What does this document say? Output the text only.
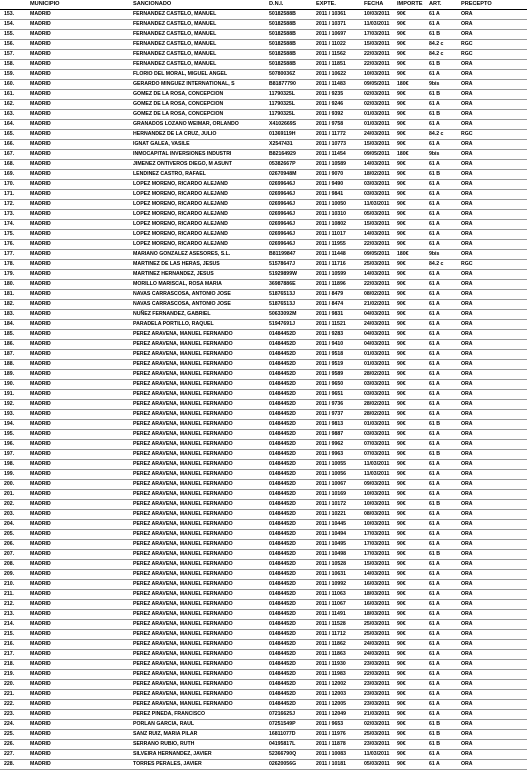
	MUNICIPIO	SANCIONADO	D.N.I.	EXPTE.	FECHA	IMPORTE	ART.	PRECEPTO
153.	MADRID	FERNANDEZ CASTELO, MANUEL	50182588B	2011 / 10361	10/03/2011	90€	61 A	ORA
154.	MADRID	FERNANDEZ CASTELO, MANUEL	50182588B	2011 / 10371	11/03/2011	90€	61 A	ORA
155.	MADRID	FERNANDEZ CASTELO, MANUEL	50182588B	2011 / 10697	17/03/2011	90€	61 B	ORA
156.	MADRID	FERNANDEZ CASTELO, MANUEL	50182588B	2011 / 11022	15/03/2011	90€	84.2 c	RGC
157.	MADRID	FERNANDEZ CASTELO, MANUEL	50182588B	2011 / 11562	22/03/2011	90€	84.2 c	RGC
158.	MADRID	FERNANDEZ CASTELO, MANUEL	50182588B	2011 / 11851	22/03/2011	90€	61 B	ORA
159.	MADRID	FLORIO DEL MORAL, MIGUEL ANGEL	50780036Z	2011 / 10622	10/03/2011	90€	61 A	ORA
160.	MADRID	GERARDO MINGUEZ INTERNATIONAL, S	B81877790	2011 / 11483	09/05/2011	180€	9bis	ORA
161.	MADRID	GOMEZ DE LA ROSA, CONCEPCION	11790325L	2011 / 9235	02/03/2011	90€	61 B	ORA
162.	MADRID	GOMEZ DE LA ROSA, CONCEPCION	11790325L	2011 / 9246	02/03/2011	90€	61 A	ORA
163.	MADRID	GOMEZ DE LA ROSA, CONCEPCION	11790325L	2011 / 9392	01/03/2011	90€	61 B	ORA
164.	MADRID	GRANADOS LOZANO WEIMAR, ORLANDO	X4102669S	2011 / 9758	01/03/2011	90€	61 A	ORA
165.	MADRID	HERNANDEZ DE LA CRUZ, JULIO	01369119H	2011 / 11772	24/03/2011	90€	84.2 c	RGC
166.	MADRID	IGNAT GALEA, VASILE	X2547431	2011 / 10773	15/03/2011	90€	61 A	ORA
167.	MADRID	INMOCAPITAL INVERSIONES INDUSTRI	B82164929	2011 / 11454	09/05/2011	180€	9bis	ORA
168.	MADRID	JIMENEZ ONTIVEROS DIEGO, M ASUNT	05382667P	2011 / 10589	14/03/2011	90€	61 A	ORA
169.	MADRID	LENDINEZ CASTRO, RAFAEL	02670948M	2011 / 9070	18/02/2011	90€	61 B	ORA
170.	MADRID	LOPEZ MORENO, RICARDO ALEJAND	02699646J	2011 / 9490	03/03/2011	90€	61 A	ORA
171.	MADRID	LOPEZ MORENO, RICARDO ALEJAND	02699646J	2011 / 9841	03/03/2011	90€	61 A	ORA
172.	MADRID	LOPEZ MORENO, RICARDO ALEJAND	02699646J	2011 / 10050	11/03/2011	90€	61 A	ORA
173.	MADRID	LOPEZ MORENO, RICARDO ALEJAND	02699646J	2011 / 10310	05/03/2011	90€	61 A	ORA
174.	MADRID	LOPEZ MORENO, RICARDO ALEJAND	02699646J	2011 / 10802	15/03/2011	90€	61 A	ORA
175.	MADRID	LOPEZ MORENO, RICARDO ALEJAND	02699646J	2011 / 11017	14/03/2011	90€	61 A	ORA
176.	MADRID	LOPEZ MORENO, RICARDO ALEJAND	02699646J	2011 / 11955	22/03/2011	90€	61 A	ORA
177.	MADRID	MARIANO GONZALEZ ASESORES, S.L.	B81199847	2011 / 11448	09/05/2011	180€	9bis	ORA
178.	MADRID	MARTINEZ DE LAS HERAS, JESUS	51578647J	2011 / 11716	25/03/2011	90€	84.2 c	RGC
179.	MADRID	MARTINEZ HERNANDEZ, JESUS	51929899W	2011 / 10599	14/03/2011	90€	61 A	ORA
180.	MADRID	MORILLO MARISCAL, ROSA MARIA	36987886E	2011 / 11896	22/03/2011	90€	61 A	ORA
181.	MADRID	NAVAS CARRASCOSA, ANTONIO JOSE	51876513J	2011 / 8479	08/02/2011	90€	61 A	ORA
182.	MADRID	NAVAS CARRASCOSA, ANTONIO JOSE	51876513J	2011 / 8474	21/02/2011	90€	61 A	ORA
183.	MADRID	NUÑEZ FERNANDEZ, GABRIEL	50633092M	2011 / 9831	04/03/2011	90€	61 A	ORA
184.	MADRID	PARADELA PORTILLO, RAQUEL	51947691J	2011 / 11521	24/03/2011	90€	61 A	ORA
185.	MADRID	PEREZ ARAVENA, MANUEL FERNANDO	01484452D	2011 / 9283	04/03/2011	90€	61 A	ORA
186.	MADRID	PEREZ ARAVENA, MANUEL FERNANDO	01484452D	2011 / 9410	04/03/2011	90€	61 A	ORA
187.	MADRID	PEREZ ARAVENA, MANUEL FERNANDO	01484452D	2011 / 9518	01/03/2011	90€	61 A	ORA
188.	MADRID	PEREZ ARAVENA, MANUEL FERNANDO	01484452D	2011 / 9519	01/03/2011	90€	61 A	ORA
189.	MADRID	PEREZ ARAVENA, MANUEL FERNANDO	01484452D	2011 / 9589	28/02/2011	90€	61 A	ORA
190.	MADRID	PEREZ ARAVENA, MANUEL FERNANDO	01484452D	2011 / 9650	03/03/2011	90€	61 A	ORA
191.	MADRID	PEREZ ARAVENA, MANUEL FERNANDO	01484452D	2011 / 9651	03/03/2011	90€	61 A	ORA
192.	MADRID	PEREZ ARAVENA, MANUEL FERNANDO	01484452D	2011 / 9736	28/02/2011	90€	61 A	ORA
193.	MADRID	PEREZ ARAVENA, MANUEL FERNANDO	01484452D	2011 / 9737	28/02/2011	90€	61 A	ORA
194.	MADRID	PEREZ ARAVENA, MANUEL FERNANDO	01484452D	2011 / 9813	01/03/2011	90€	61 B	ORA
195.	MADRID	PEREZ ARAVENA, MANUEL FERNANDO	01484452D	2011 / 9887	03/03/2011	90€	61 A	ORA
196.	MADRID	PEREZ ARAVENA, MANUEL FERNANDO	01484452D	2011 / 9962	07/03/2011	90€	61 A	ORA
197.	MADRID	PEREZ ARAVENA, MANUEL FERNANDO	01484452D	2011 / 9963	07/03/2011	90€	61 B	ORA
198.	MADRID	PEREZ ARAVENA, MANUEL FERNANDO	01484452D	2011 / 10055	11/03/2011	90€	61 A	ORA
199.	MADRID	PEREZ ARAVENA, MANUEL FERNANDO	01484452D	2011 / 10056	11/03/2011	90€	61 A	ORA
200.	MADRID	PEREZ ARAVENA, MANUEL FERNANDO	01484452D	2011 / 10067	09/03/2011	90€	61 A	ORA
201.	MADRID	PEREZ ARAVENA, MANUEL FERNANDO	01484452D	2011 / 10169	10/03/2011	90€	61 A	ORA
202.	MADRID	PEREZ ARAVENA, MANUEL FERNANDO	01484452D	2011 / 10172	10/03/2011	90€	61 B	ORA
203.	MADRID	PEREZ ARAVENA, MANUEL FERNANDO	01484452D	2011 / 10221	08/03/2011	90€	61 A	ORA
204.	MADRID	PEREZ ARAVENA, MANUEL FERNANDO	01484452D	2011 / 10445	10/03/2011	90€	61 A	ORA
205.	MADRID	PEREZ ARAVENA, MANUEL FERNANDO	01484452D	2011 / 10494	17/03/2011	90€	61 A	ORA
206.	MADRID	PEREZ ARAVENA, MANUEL FERNANDO	01484452D	2011 / 10495	17/03/2011	90€	61 A	ORA
207.	MADRID	PEREZ ARAVENA, MANUEL FERNANDO	01484452D	2011 / 10498	17/03/2011	90€	61 B	ORA
208.	MADRID	PEREZ ARAVENA, MANUEL FERNANDO	01484452D	2011 / 10528	15/03/2011	90€	61 A	ORA
209.	MADRID	PEREZ ARAVENA, MANUEL FERNANDO	01484452D	2011 / 10631	14/03/2011	90€	61 A	ORA
210.	MADRID	PEREZ ARAVENA, MANUEL FERNANDO	01484452D	2011 / 10992	16/03/2011	90€	61 A	ORA
211.	MADRID	PEREZ ARAVENA, MANUEL FERNANDO	01484452D	2011 / 11063	18/03/2011	90€	61 A	ORA
212.	MADRID	PEREZ ARAVENA, MANUEL FERNANDO	01484452D	2011 / 11067	16/03/2011	90€	61 A	ORA
213.	MADRID	PEREZ ARAVENA, MANUEL FERNANDO	01484452D	2011 / 11491	18/03/2011	90€	61 A	ORA
214.	MADRID	PEREZ ARAVENA, MANUEL FERNANDO	01484452D	2011 / 11528	25/03/2011	90€	61 A	ORA
215.	MADRID	PEREZ ARAVENA, MANUEL FERNANDO	01484452D	2011 / 11712	25/03/2011	90€	61 A	ORA
216.	MADRID	PEREZ ARAVENA, MANUEL FERNANDO	01484452D	2011 / 11862	24/03/2011	90€	61 A	ORA
217.	MADRID	PEREZ ARAVENA, MANUEL FERNANDO	01484452D	2011 / 11863	24/03/2011	90€	61 A	ORA
218.	MADRID	PEREZ ARAVENA, MANUEL FERNANDO	01484452D	2011 / 11930	23/03/2011	90€	61 A	ORA
219.	MADRID	PEREZ ARAVENA, MANUEL FERNANDO	01484452D	2011 / 11983	22/03/2011	90€	61 A	ORA
220.	MADRID	PEREZ ARAVENA, MANUEL FERNANDO	01484452D	2011 / 12002	23/03/2011	90€	61 A	ORA
221.	MADRID	PEREZ ARAVENA, MANUEL FERNANDO	01484452D	2011 / 12003	23/03/2011	90€	61 A	ORA
222.	MADRID	PEREZ ARAVENA, MANUEL FERNANDO	01484452D	2011 / 12005	23/03/2011	90€	61 A	ORA
223.	MADRID	PEREZ PINEDA, FRANCISCO	07216625J	2011 / 12049	21/03/2011	90€	61 A	ORA
224.	MADRID	PORLAN GARCIA, RAUL	07251549P	2011 / 9653	02/03/2011	90€	61 B	ORA
225.	MADRID	SANZ RUIZ, MARIA PILAR	16811077D	2011 / 11976	25/03/2011	90€	61 B	ORA
226.	MADRID	SERRANO RUBIO, RUTH	04195817L	2011 / 11878	23/03/2011	90€	61 B	ORA
227.	MADRID	SILVEIRA HERNANDEZ, JAVIER	52366790Q	2011 / 10083	11/03/2011	90€	61 A	ORA
228.	MADRID	TORRES PERALES, JAVIER	02620056G	2011 / 10181	05/03/2011	90€	61 A	ORA
